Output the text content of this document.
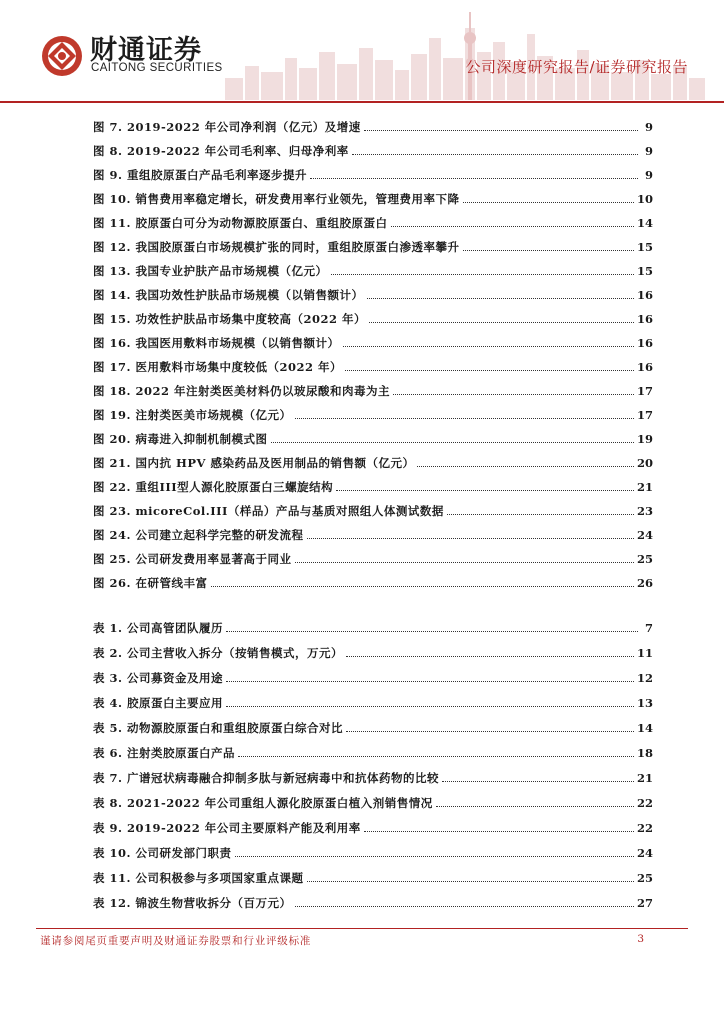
财通证券
CAITONG SECURITIES	公司深度研究报告/证券研究报告
图 7. 2019-2022 年公司净利润（亿元）及增速	9
图 8. 2019-2022 年公司毛利率、归母净利率	9
图 9. 重组胶原蛋白产品毛利率逐步提升	9
图 10. 销售费用率稳定增长，研发费用率行业领先，管理费用率下降	10
图 11. 胶原蛋白可分为动物源胶原蛋白、重组胶原蛋白	14
图 12. 我国胶原蛋白市场规模扩张的同时，重组胶原蛋白渗透率攀升	15
图 13. 我国专业护肤产品市场规模（亿元）	15
图 14. 我国功效性护肤品市场规模（以销售额计）	16
图 15. 功效性护肤品市场集中度较高（2022 年）	16
图 16. 我国医用敷料市场规模（以销售额计）	16
图 17. 医用敷料市场集中度较低（2022 年）	16
图 18. 2022 年注射类医美材料仍以玻尿酸和肉毒为主	17
图 19. 注射类医美市场规模（亿元）	17
图 20. 病毒进入抑制机制模式图	19
图 21. 国内抗 HPV 感染药品及医用制品的销售额（亿元）	20
图 22. 重组III型人源化胶原蛋白三螺旋结构	21
图 23. micoreCol.III（样品）产品与基质对照组人体测试数据	23
图 24. 公司建立起科学完整的研发流程	24
图 25. 公司研发费用率显著高于同业	25
图 26. 在研管线丰富	26
表 1. 公司高管团队履历	7
表 2. 公司主营收入拆分（按销售模式，万元）	11
表 3. 公司募资金及用途	12
表 4. 胶原蛋白主要应用	13
表 5. 动物源胶原蛋白和重组胶原蛋白综合对比	14
表 6. 注射类胶原蛋白产品	18
表 7. 广谱冠状病毒融合抑制多肽与新冠病毒中和抗体药物的比较	21
表 8. 2021-2022 年公司重组人源化胶原蛋白植入剂销售情况	22
表 9. 2019-2022 年公司主要原料产能及利用率	22
表 10. 公司研发部门职责	24
表 11. 公司积极参与多项国家重点课题	25
表 12. 锦波生物营收拆分（百万元）	27
谨请参阅尾页重要声明及财通证券股票和行业评级标准	3
